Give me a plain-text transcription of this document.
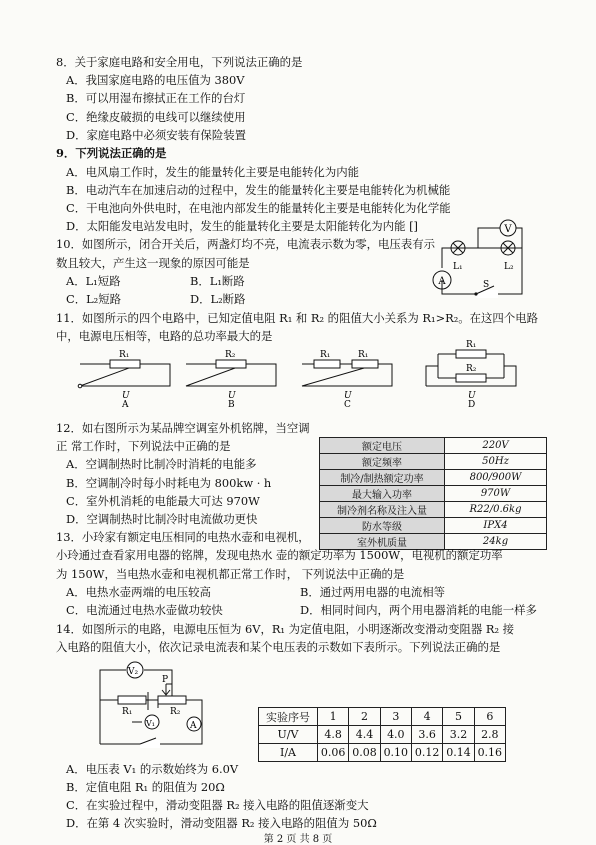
8．关于家庭电路和安全用电，下列说法正确的是
A．我国家庭电路的电压值为 380V
B．可以用湿布擦拭正在工作的台灯
C．绝缘皮破损的电线可以继续使用
D．家庭电路中必须安装有保险装置
9．下列说法正确的是
A．电风扇工作时，发生的能量转化主要是电能转化为内能
B．电动汽车在加速启动的过程中，发生的能量转化主要是电能转化为机械能
C．干电池向外供电时，在电池内部发生的能量转化主要是电能转化为化学能
D．太阳能发电站发电时，发生的能量转化主要是太阳能转化为内能 []
10．如图所示，闭合开关后，两盏灯均不亮，电流表示数为零，电压表有示
数且较大，产生这一现象的原因可能是
A．L₁短路	B．L₁断路
C．L₂短路	D．L₂断路
A
V
L₁	L₂
S
11．如图所示的四个电路中，已知定值电阻 R₁ 和 R₂ 的阻值大小关系为 R₁>R₂。在这四个电路
中，电源电压相等，电路的总功率最大的是
R₁
U
A
R₂
U
B
R₁	R₁
U
C
R₁
R₂
U
D
12．如右图所示为某品牌空调室外机铭牌，当空调
正 常工作时，下列说法中正确的是
A．空调制热时比制冷时消耗的电能多
B．空调制冷时每小时耗电为 800kw · h
C．室外机消耗的电能最大可达 970W
D．空调制热时比制冷时电流做功更快
额定电压	220V
额定频率	50Hz
制冷/制热额定功率	800/900W
最大输入功率	970W
制冷剂名称及注入量	R22/0.6kg
防水等级	IPX4
室外机质量	24kg
13．小玲家有额定电压相同的电热水壶和电视机，
小玲通过查看家用电器的铭牌，发现电热水 壶的额定功率为 1500W，电视机的额定功率
为 150W，当电热水壶和电视机都正常工作时， 下列说法中正确的是
A．电热水壶两端的电压较高	B．通过两用电器的电流相等
C．电流通过电热水壶做功较快	D．相同时间内，两个用电器消耗的电能一样多
14．如图所示的电路，电源电压恒为 6V，R₁ 为定值电阻，小明逐渐改变滑动变阻器 R₂ 接
入电路的阻值大小，依次记录电流表和某个电压表的示数如下表所示。下列说法正确的是
V₂
V₁	A
R₁	R₂
P
实验序号	1	2	3	4	5	6
U/V	4.8	4.4	4.0	3.6	3.2	2.8
I/A	0.06	0.08	0.10	0.12	0.14	0.16
A．电压表 V₁ 的示数始终为 6.0V
B．定值电阻 R₁ 的阻值为 20Ω
C．在实验过程中，滑动变阻器 R₂ 接入电路的阻值逐渐变大
D．在第 4 次实验时，滑动变阻器 R₂ 接入电路的阻值为 50Ω
第 2 页 共 8 页
